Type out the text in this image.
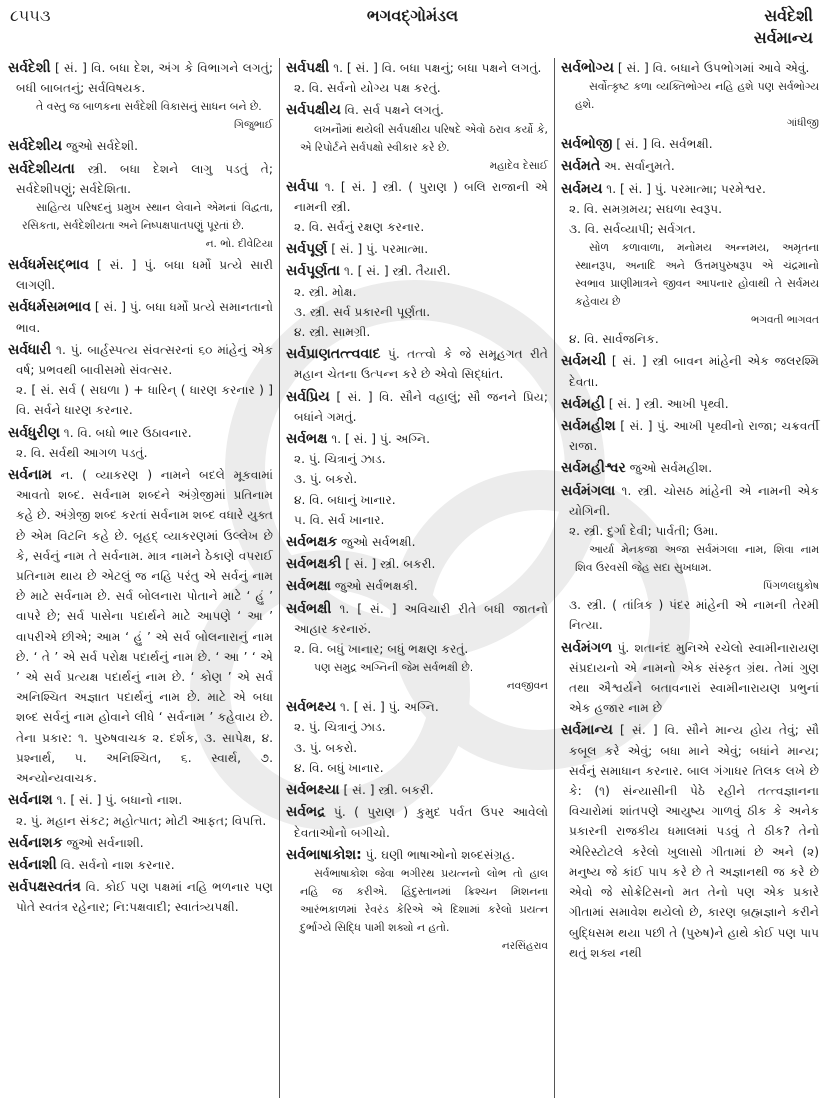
૮૫૫૩	ભગવદ્ગોમંડલ	સર્વદેશી
સર્વમાન્ય
સર્વદેશી [ સં. ] વિ. બધા દેશ, અંગ કે વિભાગને લગતું; બધી બાબતનું; સર્વવિષયક.
તે વસ્તુ જ બાળકના સર્વદેશી વિકાસનું સાધન બને છે.
ગિજુભાઈ
સર્વદેશીય જુઓ સર્વદેશી.
સર્વદેશીયતા સ્ત્રી. બધા દેશને લાગુ પડતું તે; સર્વદેશીપણું; સર્વદેશિતા.
સાહિત્ય પરિષદનું પ્રમુખ સ્થાન લેવાને એમનાં વિદ્વતા, રસિકતા, સર્વદેશીયતા અને નિષ્પક્ષપાતપણું પૂરતાં છે.
ન. ભો. દીવેટિયા
સર્વધર્મસદ્ભાવ [ સં. ] પું. બધા ધર્મો પ્રત્યે સારી લાગણી.
સર્વધર્મસમભાવ [ સં. ] પું. બધા ધર્મો પ્રત્યે સમાનતાનો ભાવ.
સર્વધારી ૧. પું. બાર્હસ્પત્ય સંવત્સરનાં ૬૦ માંહેનું એક વર્ષ; પ્રભવથી બાવીસમો સંવત્સર.
૨. [ સં. સર્વ ( સઘળા ) + ધારિન્ ( ધારણ કરનાર ) ] વિ. સર્વને ધારણ કરનાર.
સર્વધુરીણ ૧. વિ. બધો ભાર ઉઠાવનાર.
૨. વિ. સર્વથી આગળ પડતું.
સર્વનામ ન. ( વ્યાકરણ ) નામને બદલે મૂકવામાં આવતો શબ્દ. સર્વનામ શબ્દને અંગ્રેજીમાં પ્રતિનામ કહે છે. અંગ્રેજી શબ્દ કરતાં સર્વનામ શબ્દ વધારે યુક્ત છે એમ વિટનિ કહે છે. બૃહદ્ વ્યાકરણમાં ઉલ્લેખ છે કે, સર્વનું નામ તે સર્વનામ. માત્ર નામને ઠેકાણે વપરાઈ પ્રતિનામ થાય છે એટલું જ નહિ પરંતુ એ સર્વનું નામ છે માટે સર્વનામ છે. સર્વ બોલનારા પોતાને માટે ‘ હું ’ વાપરે છે; સર્વ પાસેના પદાર્થને માટે આપણે ‘ આ ’ વાપરીએ છીએ; આમ ‘ હું ’ એ સર્વ બોલનારાનું નામ છે. ‘ તે ’ એ સર્વ પરોક્ષ પદાર્થનું નામ છે. ‘ આ ’ ‘ એ ’ એ સર્વ પ્રત્યક્ષ પદાર્થનું નામ છે. ‘ કોણ ’ એ સર્વ અનિશ્ચિત અજ્ઞાત પદાર્થનું નામ છે. માટે એ બધા શબ્દ સર્વનું નામ હોવાને લીધે ‘ સર્વનામ ’ કહેવાય છે. તેના પ્રકાર: ૧. પુરુષવાચક ૨. દર્શક, ૩. સાપેક્ષ, ૪. પ્રશ્નાર્થ, ૫. અનિશ્ચિત, ૬. સ્વાર્થ, ૭. અન્યોન્યવાચક.
સર્વનાશ ૧. [ સં. ] પું. બધાનો નાશ.
૨. પું. મહાન સંકટ; મહોત્પાત; મોટી આફત; વિપત્તિ.
સર્વનાશક જુઓ સર્વનાશી.
સર્વનાશી વિ. સર્વનો નાશ કરનાર.
સર્વપક્ષસ્વતંત્ર વિ. કોઈ પણ પક્ષમાં નહિ ભળનાર પણ પોતે સ્વતંત્ર રહેનાર; નિ:પક્ષવાદી; સ્વાતંત્ર્યપક્ષી.
સર્વપક્ષી ૧. [ સં. ] વિ. બધા પક્ષનું; બધા પક્ષને લગતું.
૨. વિ. સર્વનો યોગ્ય પક્ષ કરતું.
સર્વપક્ષીય વિ. સર્વ પક્ષને લગતું.
લખનૌમાં થયેલી સર્વપક્ષીય પરિષદે એવો ઠરાવ કર્યો કે, એ રિપોર્ટને સર્વપક્ષો સ્વીકાર કરે છે.
મહાદેવ દેસાઈ
સર્વપા ૧. [ સં. ] સ્ત્રી. ( પુરાણ ) બલિ રાજાની એ નામની સ્ત્રી.
૨. વિ. સર્વનું રક્ષણ કરનાર.
સર્વપૂર્ણ [ સં. ] પું. પરમાત્મા.
સર્વપૂર્ણતા ૧. [ સં. ] સ્ત્રી. તૈયારી.
૨. સ્ત્રી. મોક્ષ.
૩. સ્ત્રી. સર્વ પ્રકારની પૂર્ણતા.
૪. સ્ત્રી. સામગ્રી.
સર્વપ્રાણતત્ત્વવાદ પું. તત્ત્વો કે જે સમૂહગત રીતે મહાન ચેતના ઉત્પન્ન કરે છે એવો સિદ્ધાંત.
સર્વપ્રિય [ સં. ] વિ. સૌને વહાલું; સૌ જનને પ્રિય; બધાંને ગમતું.
સર્વભક્ષ ૧. [ સં. ] પું. અગ્નિ.
૨. પું. ચિત્રાનું ઝાડ.
૩. પું. બકરો.
૪. વિ. બધાનું ખાનાર.
૫. વિ. સર્વ ખાનાર.
સર્વભક્ષક જુઓ સર્વભક્ષી.
સર્વભક્ષકી [ સં. ] સ્ત્રી. બકરી.
સર્વભક્ષા જુઓ સર્વભક્ષકી.
સર્વભક્ષી ૧. [ સં. ] અવિચારી રીતે બધી જાતનો આહાર કરનારું.
૨. વિ. બધું ખાનાર; બધું ભક્ષણ કરતું.
પણ સમુદ્ર અગ્નિની જેમ સર્વભક્ષી છે.
નવજીવન
સર્વભક્ષ્ય ૧. [ સં. ] પું. અગ્નિ.
૨. પું. ચિત્રાનું ઝાડ.
૩. પું. બકરો.
૪. વિ. બધું ખાનાર.
સર્વભક્ષ્યા [ સં. ] સ્ત્રી. બકરી.
સર્વભદ્ર પું. ( પુરાણ ) કુમુદ પર્વત ઉપર આવેલો દેવતાઓનો બગીચો.
સર્વભાષાકોશ: પું. ઘણી ભાષાઓનો શબ્દસંગ્રહ.
સર્વભાષાકોશ જેવા ભગીરથ પ્રયત્નનો લોભ તો હાલ નહિ જ કરીએ. હિંદુસ્તાનમાં ક્રિશ્ચન મિશનના આરંભકાળમાં રેવરંડ કેરિએ એ દિશામાં કરેલો પ્રયત્ન દુર્ભાગ્યે સિદ્ધિ પામી શક્યો ન હતો.
નરસિંહરાવ
સર્વભોગ્ય [ સં. ] વિ. બધાને ઉપભોગમાં આવે એવું.
સર્વોત્કૃષ્ટ કળા વ્યક્તિભોગ્ય નહિ હશે પણ સર્વભોગ્ય હશે.
ગાંધીજી
સર્વભોજી [ સં. ] વિ. સર્વભક્ષી.
સર્વમતે અ. સર્વાનુમતે.
સર્વમય ૧. [ સં. ] પું. પરમાત્મા; પરમેશ્વર.
૨. વિ. સમગ્રમય; સઘળા સ્વરૂપ.
૩. વિ. સર્વવ્યાપી; સર્વગત.
સોળ કળાવાળા, મનોમય અન્નમય, અમૃતના સ્થાનરૂપ, અનાદિ અને ઉત્તમપુરુષરૂપ એ ચંદ્રમાનો સ્વભાવ પ્રાણીમાત્રને જીવન આપનાર હોવાથી તે સર્વમય કહેવાય છે
ભગવતી ભાગવત
૪. વિ. સાર્વજનિક.
સર્વમચી [ સં. ] સ્ત્રી બાવન માંહેની એક જલરશ્મિ દેવતા.
સર્વમહી [ સં. ] સ્ત્રી. આખી પૃથ્વી.
સર્વમહીશ [ સં. ] પું. આખી પૃથ્વીનો રાજા; ચક્રવર્તી રાજા.
સર્વમહીશ્વર જુઓ સર્વમહીશ.
સર્વમંગલા ૧. સ્ત્રી. ચોસઠ માંહેની એ નામની એક યોગિની.
૨. સ્ત્રી. દુર્ગા દેવી; પાર્વતી; ઉમા.
આર્યા મેનકજા અજા સર્વમંગલા નામ, શિવા નામ શિવ ઉરવસી જેહ સદા સુખધામ.
પિંગળલઘુકોષ
૩. સ્ત્રી. ( તાંત્રિક ) પંદર માંહેની એ નામની તેરમી નિત્યા.
સર્વમંગળ પું. શતાનંદ મુનિએ રચેલો સ્વામીનારાયણ સંપ્રદાયનો એ નામનો એક સંસ્કૃત ગ્રંથ. તેમાં ગુણ તથા ઐશ્વર્યને બતાવનારાં સ્વામીનારાયણ પ્રભુનાં એક હજાર નામ છે
સર્વમાન્ય [ સં. ] વિ. સૌને માન્ય હોય તેવું; સૌ કબૂલ કરે એવું; બધા માને એવું; બધાંને માન્ય; સર્વનું સમાધાન કરનાર. બાલ ગંગાધર તિલક લખે છે કે: (૧) સંન્યાસીની પેઠે રહીને તત્ત્વજ્ઞાનના વિચારોમાં શાંતપણે આયુષ્ય ગાળવું ઠીક કે અનેક પ્રકારની રાજકીય ધમાલમાં પડવું તે ઠીક? તેનો એરિસ્ટોટલે કરેલો ખુલાસો ગીતામાં છે અને (૨) મનુષ્ય જે કાંઈ પાપ કરે છે તે અજ્ઞાનથી જ કરે છે એવો જે સોક્રેટિસનો મત તેનો પણ એક પ્રકારે ગીતામાં સમાવેશ થયેલો છે, કારણ બ્રહ્મજ્ઞાને કરીને બુદ્ધિસમ થયા પછી તે (પુરુષ)ને હાથે કોઈ પણ પાપ થતું શક્ય નથી
